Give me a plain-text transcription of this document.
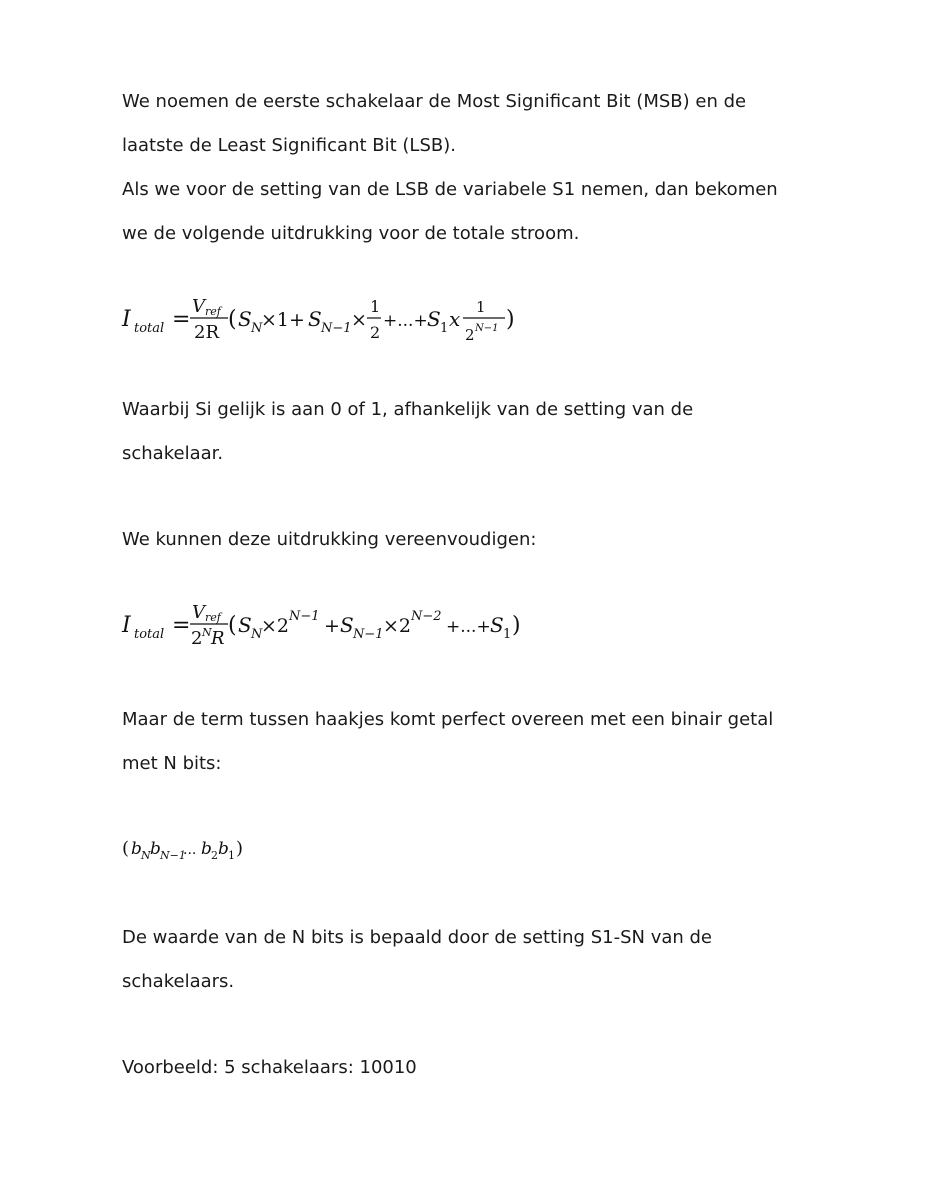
We noemen de eerste schakelaar de Most Significant Bit (MSB) en de
laatste de Least Significant Bit (LSB).
Als we voor de setting van de LSB de variabele S1 nemen, dan bekomen
we de volgende uitdrukking voor de totale stroom.
I total =
V ref
2R
( S N
×1+ S N−1 ×
1
2
+...+ S 1 x 1
2 N−1 )
Waarbij Si gelijk is aan 0 of 1, afhankelijk van de setting van de
schakelaar.
We kunnen deze uitdrukking vereenvoudigen:
I total =
V ref
2 N R
( S N
×2 N−1 + S N−1 ×2 N−2
+...+ S 1 )
Maar de term tussen haakjes komt perfect overeen met een binair getal
met N bits:
( b N b N−1
... b 2 b 1 )
De waarde van de N bits is bepaald door de setting S1-SN van de
schakelaars.
Voorbeeld: 5 schakelaars: 10010
